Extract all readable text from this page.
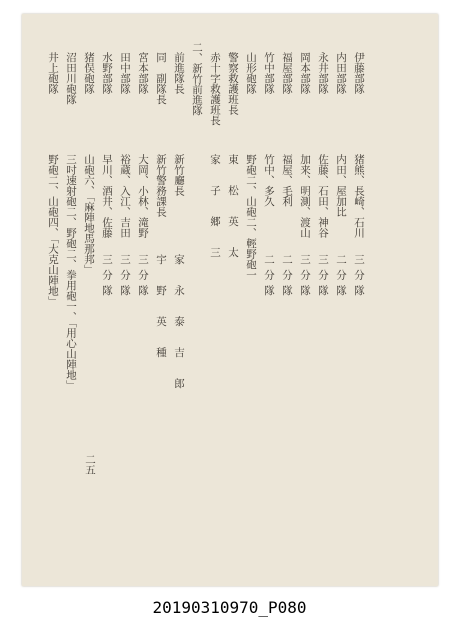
伊藤部隊
猪熊、長崎、石川
三分隊
内田部隊
内田、屋加比
二分隊
永井部隊
佐藤、石田、神谷
三分隊
岡本部隊
加来、明測、渡山
三分隊
福屋部隊
福屋、毛利
二分隊
竹中部隊
竹中、多久
二分隊
山形砲隊
野砲二、山砲二、輕野砲一
警察救護班長
東　松　英　太
赤十字救護班長
家　子　郷　三
二、新竹前進隊
前進隊長
新竹廳長
家　永　泰　吉　郎
同　副隊長
新竹警務課長
宇　野　英　種
宮本部隊
大岡、小林、滝野
三分隊
田中部隊
裕蔵、入江、吉田
三分隊
水野部隊
早川、酒井、佐藤
三分隊
猪俣砲隊
山砲六、「麻陣地馬那邦」
沼田川砲隊
三吋速射砲二、野砲二、拳用砲一、「用心山陣地」
井上砲隊
野砲二、山砲四、「大克山陣地」
二五
20190310970_P080
